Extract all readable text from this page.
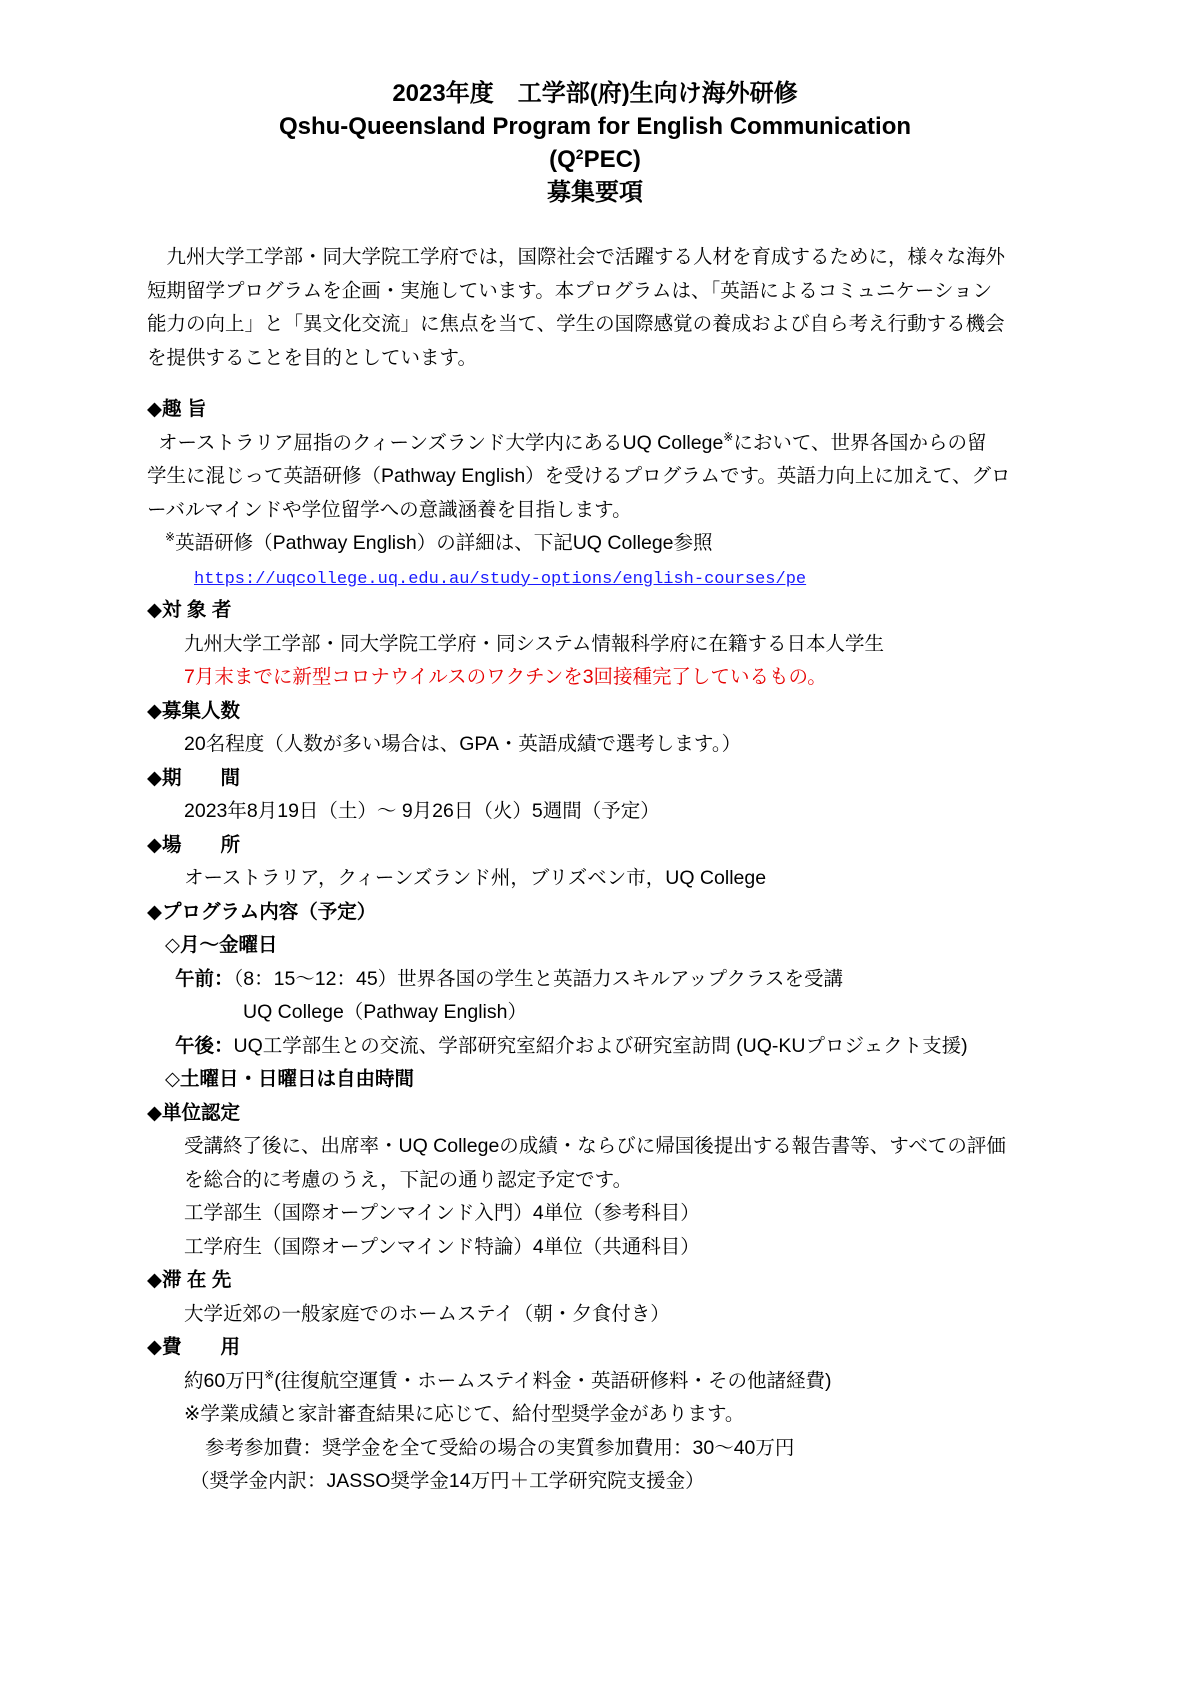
2023年度　工学部(府)生向け海外研修
Qshu-Queensland Program for English Communication
$(Q^2PEC)$
募集要項
　九州大学工学部・同大学院工学府では，国際社会で活躍する人材を育成するために，様々な海外
短期留学プログラムを企画・実施しています。本プログラムは、「英語によるコミュニケーション
能力の向上」と「異文化交流」に焦点を当て、学生の国際感覚の養成および自ら考え行動する機会
を提供することを目的としています。
◆趣 旨
オーストラリア屈指のクィーンズランド大学内にあるUQ College※において、世界各国からの留
学生に混じって英語研修（Pathway English）を受けるプログラムです。英語力向上に加えて、グロ
ーバルマインドや学位留学への意識涵養を目指します。
※英語研修（Pathway English）の詳細は、下記UQ College参照
https://uqcollege.uq.edu.au/study-options/english-courses/pe
◆対 象 者
九州大学工学部・同大学院工学府・同システム情報科学府に在籍する日本人学生
7月末までに新型コロナウイルスのワクチンを3回接種完了しているもの。
◆募集人数
20名程度（人数が多い場合は、GPA・英語成績で選考します。）
◆期　　間
2023年8月19日（土）～ 9月26日（火）5週間（予定）
◆場　　所
オーストラリア，クィーンズランド州，ブリズベン市，UQ College
◆プログラム内容（予定）
◇月～金曜日
午前：（8：15～12：45）世界各国の学生と英語力スキルアップクラスを受講
UQ College（Pathway English）
午後：UQ工学部生との交流、学部研究室紹介および研究室訪問 (UQ-KUプロジェクト支援)
◇土曜日・日曜日は自由時間
◆単位認定
受講終了後に、出席率・UQ Collegeの成績・ならびに帰国後提出する報告書等、すべての評価
を総合的に考慮のうえ，下記の通り認定予定です。
工学部生（国際オープンマインド入門）4単位（参考科目）
工学府生（国際オープンマインド特論）4単位（共通科目）
◆滞 在 先
大学近郊の一般家庭でのホームステイ（朝・夕食付き）
◆費　　用
約60万円※(往復航空運賃・ホームステイ料金・英語研修料・その他諸経費)
※学業成績と家計審査結果に応じて、給付型奨学金があります。
参考参加費：奨学金を全て受給の場合の実質参加費用：30～40万円
（奨学金内訳：JASSO奨学金14万円＋工学研究院支援金）
